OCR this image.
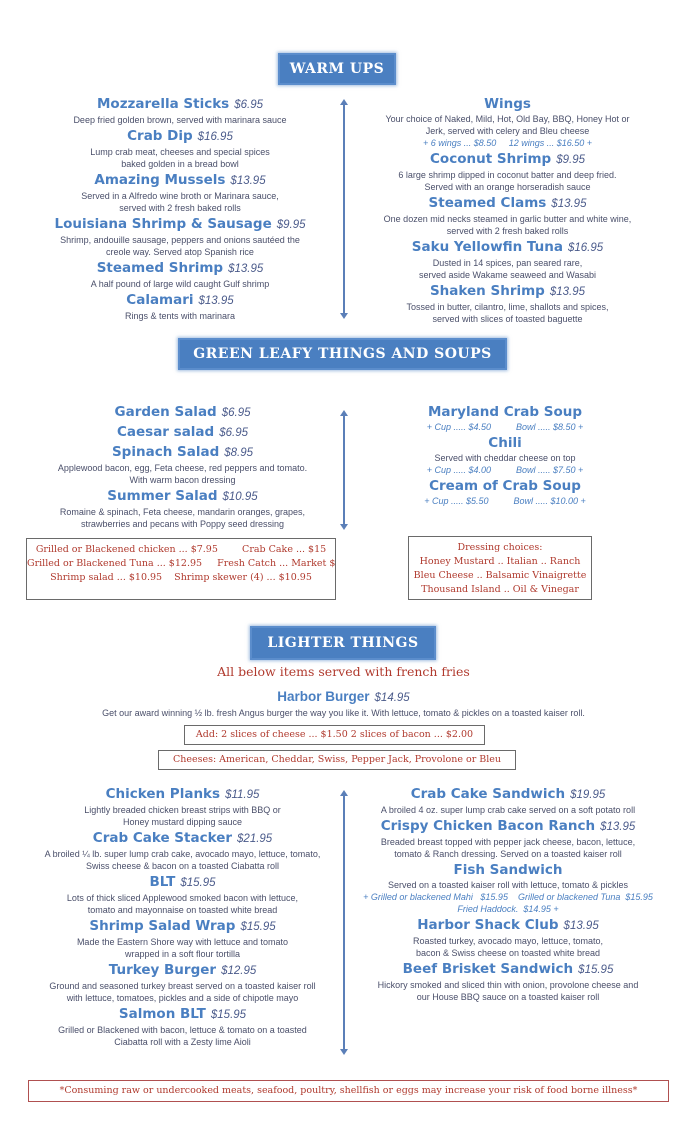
WARM UPS
Mozzarella Sticks $6.95
Deep fried golden brown, served with marinara sauce
Crab Dip $16.95
Lump crab meat, cheeses and special spices
baked golden in a bread bowl
Amazing Mussels $13.95
Served in a Alfredo wine broth or Marinara sauce,
served with 2 fresh baked rolls
Louisiana Shrimp & Sausage $9.95
Shrimp, andouille sausage, peppers and onions sautéed the
creole way. Served atop Spanish rice
Steamed Shrimp $13.95
A half pound of large wild caught Gulf shrimp
Calamari $13.95
Rings & tents with marinara
Wings
Your choice of Naked, Mild, Hot, Old Bay, BBQ, Honey Hot or
Jerk, served with celery and Bleu cheese
+ 6 wings ... $8.50     12 wings ... $16.50 +
Coconut Shrimp $9.95
6 large shrimp dipped in coconut batter and deep fried.
Served with an orange horseradish sauce
Steamed Clams $13.95
One dozen mid necks steamed in garlic butter and white wine,
served with 2 fresh baked rolls
Saku Yellowfin Tuna $16.95
Dusted in 14 spices, pan seared rare,
served aside Wakame seaweed and Wasabi
Shaken Shrimp $13.95
Tossed in butter, cilantro, lime, shallots and spices,
served with slices of toasted baguette
GREEN LEAFY THINGS AND SOUPS
Garden Salad $6.95
Caesar salad $6.95
Spinach Salad $8.95
Applewood bacon, egg, Feta cheese, red peppers and tomato.
With warm bacon dressing
Summer Salad $10.95
Romaine & spinach, Feta cheese, mandarin oranges, grapes,
strawberries and pecans with Poppy seed dressing
Maryland Crab Soup
+ Cup ..... $4.50          Bowl ..... $8.50 +
Chili
Served with cheddar cheese on top
+ Cup ..... $4.00          Bowl ..... $7.50 +
Cream of Crab Soup
+ Cup ..... $5.50          Bowl ..... $10.00 +
Grilled or Blackened chicken ... $7.95        Crab Cake ... $15
Grilled or Blackened Tuna ... $12.95     Fresh Catch ... Market $
Shrimp salad ... $10.95    Shrimp skewer (4) ... $10.95
Dressing choices:
Honey Mustard .. Italian .. Ranch
Bleu Cheese .. Balsamic Vinaigrette
Thousand Island .. Oil & Vinegar
LIGHTER THINGS
All below items served with french fries
Harbor Burger $14.95
Get our award winning ½ lb. fresh Angus burger the way you like it. With lettuce, tomato & pickles on a toasted kaiser roll.
Add: 2 slices of cheese ... $1.50 2 slices of bacon ... $2.00
Cheeses: American, Cheddar, Swiss, Pepper Jack, Provolone or Bleu
Chicken Planks $11.95
Lightly breaded chicken breast strips with BBQ or
Honey mustard dipping sauce
Crab Cake Stacker $21.95
A broiled ¼ lb. super lump crab cake, avocado mayo, lettuce, tomato,
Swiss cheese & bacon on a toasted Ciabatta roll
BLT $15.95
Lots of thick sliced Applewood smoked bacon with lettuce,
tomato and mayonnaise on toasted white bread
Shrimp Salad Wrap $15.95
Made the Eastern Shore way with lettuce and tomato
wrapped in a soft flour tortilla
Turkey Burger $12.95
Ground and seasoned turkey breast served on a toasted kaiser roll
with lettuce, tomatoes, pickles and a side of chipotle mayo
Salmon BLT $15.95
Grilled or Blackened with bacon, lettuce & tomato on a toasted
Ciabatta roll with a Zesty lime Aioli
Crab Cake Sandwich $19.95
A broiled 4 oz. super lump crab cake served on a soft potato roll
Crispy Chicken Bacon Ranch $13.95
Breaded breast topped with pepper jack cheese, bacon, lettuce,
tomato & Ranch dressing. Served on a toasted kaiser roll
Fish Sandwich
Served on a toasted kaiser roll with lettuce, tomato & pickles
+ Grilled or blackened Mahi   $15.95    Grilled or blackened Tuna  $15.95
Fried Haddock.  $14.95 +
Harbor Shack Club $13.95
Roasted turkey, avocado mayo, lettuce, tomato,
bacon & Swiss cheese on toasted white bread
Beef Brisket Sandwich $15.95
Hickory smoked and sliced thin with onion, provolone cheese and
our House BBQ sauce on a toasted kaiser roll
*Consuming raw or undercooked meats, seafood, poultry, shellfish or eggs may increase your risk of food borne illness*
